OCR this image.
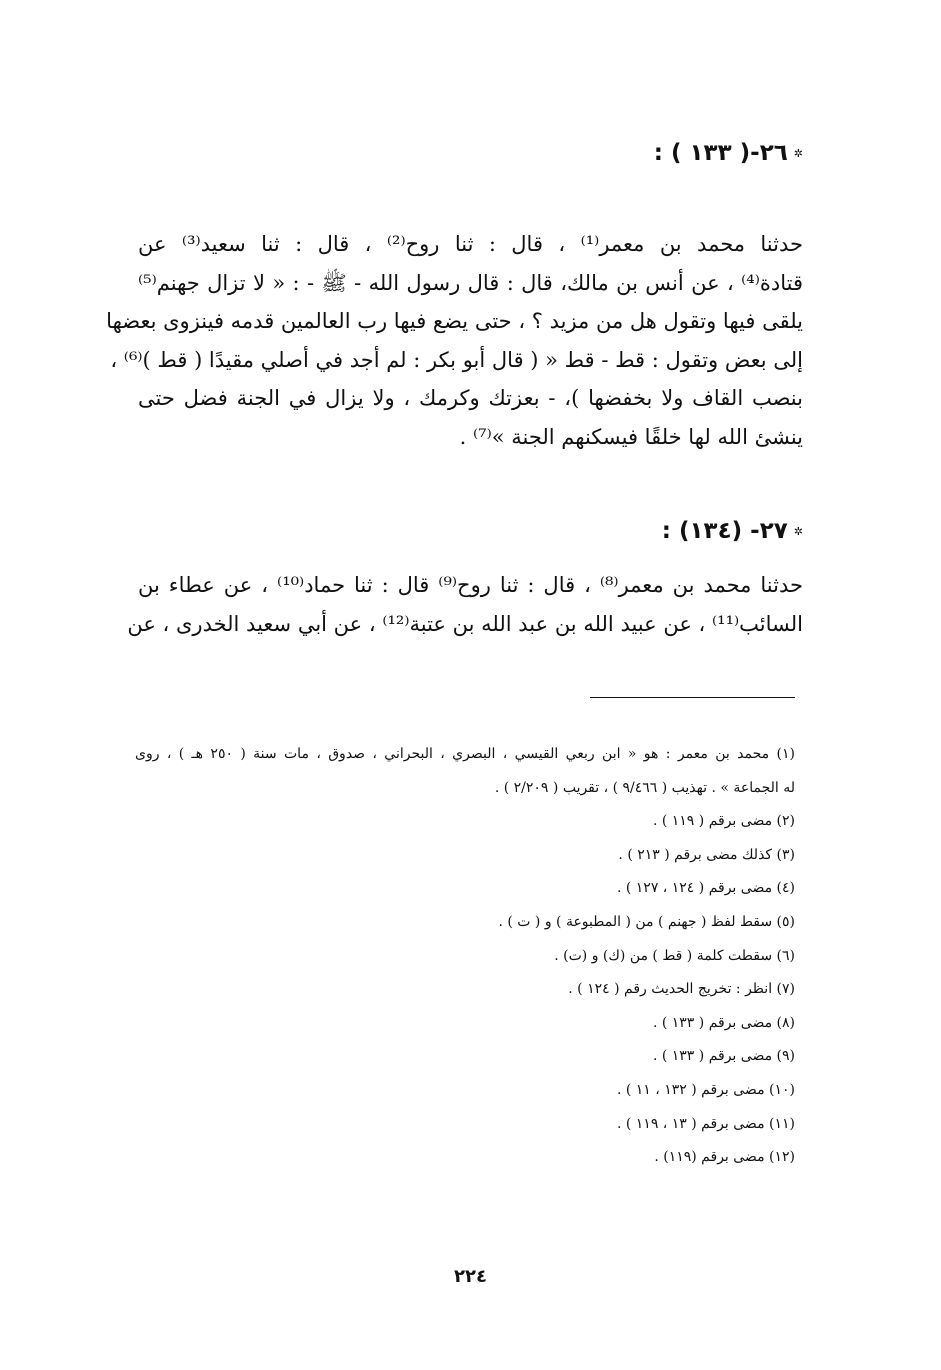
✲٢٦-( ١٣٣ ) :
حدثنا محمد بن معمر⁽¹⁾ ، قال : ثنا روح⁽²⁾ ، قال : ثنا سعيد⁽³⁾ عن
قتادة⁽⁴⁾ ، عن أنس بن مالك، قال : قال رسول الله - ﷺ - : « لا تزال جهنم⁽⁵⁾
يلقى فيها وتقول هل من مزيد ؟ ، حتى يضع فيها رب العالمين قدمه فينزوى بعضها
إلى بعض وتقول : قط - قط « ( قال أبو بكر : لم أجد في أصلي مقيدًا ( قط )⁽⁶⁾ ،
بنصب القاف ولا بخفضها )، - بعزتك وكرمك ، ولا يزال في الجنة فضل حتى
ينشئ الله لها خلقًا فيسكنهم الجنة »⁽⁷⁾ .
✲٢٧- (١٣٤) :
حدثنا محمد بن معمر⁽⁸⁾ ، قال : ثنا روح⁽⁹⁾ قال : ثنا حماد⁽¹⁰⁾ ، عن عطاء بن
السائب⁽¹¹⁾ ، عن عبيد الله بن عبد الله بن عتبة⁽¹²⁾ ، عن أبي سعيد الخدرى ، عن
(١) محمد بن معمر : هو « ابن ربعي القيسي ، البصري ، البحراني ، صدوق ، مات سنة ( ٢٥٠ هـ ) ، روى
له الجماعة » . تهذيب ( ٩/٤٦٦ ) ، تقريب ( ٢/٢٠٩ ) .
(٢) مضى برقم ( ١١٩ ) .
(٣) كذلك مضى برقم ( ٢١٣ ) .
(٤) مضى برقم ( ١٢٤ ، ١٢٧ ) .
(٥) سقط لفظ ( جهنم ) من ( المطبوعة ) و ( ت ) .
(٦) سقطت كلمة ( قط ) من (ك) و (ت) .
(٧) انظر : تخريج الحديث رقم ( ١٢٤ ) .
(٨) مضى برقم ( ١٣٣ ) .
(٩) مضى برقم ( ١٣٣ ) .
(١٠) مضى برقم ( ١٣٢ ، ١١ ) .
(١١) مضى برقم ( ١٣ ، ١١٩ ) .
(١٢) مضى برقم (١١٩) .
٢٢٤
